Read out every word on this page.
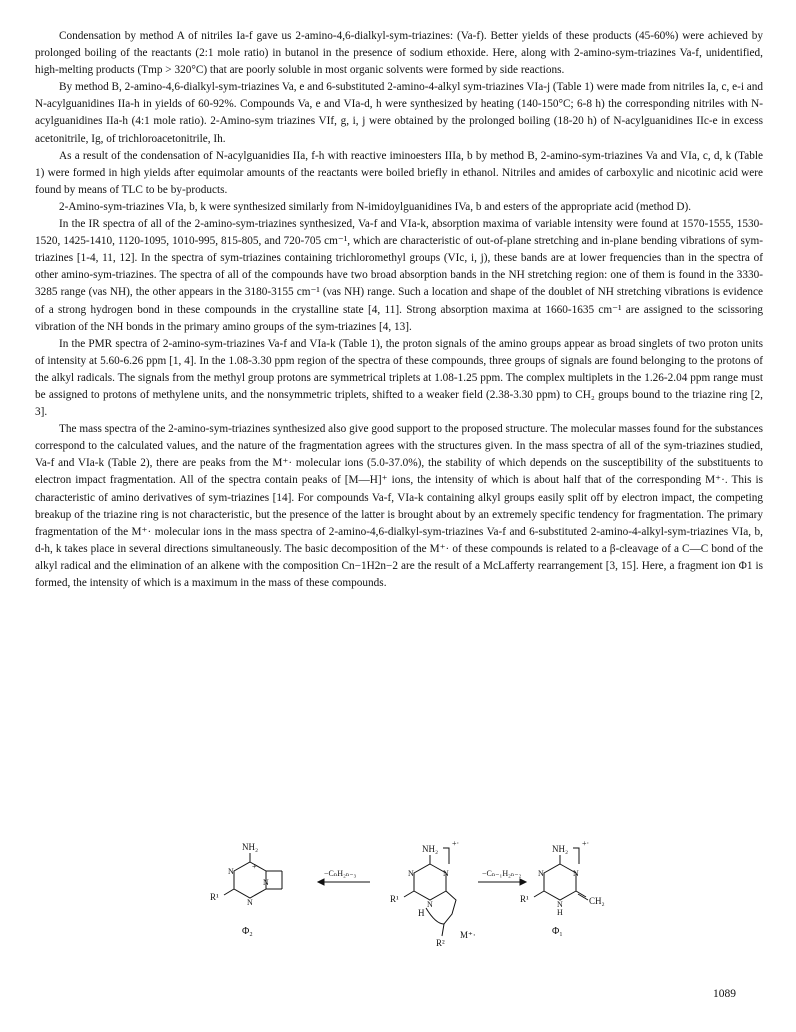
Condensation by method A of nitriles Ia-f gave us 2-amino-4,6-dialkyl-sym-triazines: (Va-f). Better yields of these products (45-60%) were achieved by prolonged boiling of the reactants (2:1 mole ratio) in butanol in the presence of sodium ethoxide. Here, along with 2-amino-sym-triazines Va-f, unidentified, high-melting products (Tmp > 320°C) that are poorly soluble in most organic solvents were formed by side reactions.

By method B, 2-amino-4,6-dialkyl-sym-triazines Va, e and 6-substituted 2-amino-4-alkyl sym-triazines VIa-j (Table 1) were made from nitriles Ia, c, e-i and N-acylguanidines IIa-h in yields of 60-92%. Compounds Va, e and VIa-d, h were synthesized by heating (140-150°C; 6-8 h) the corresponding nitriles with N-acylguanidines IIa-h (4:1 mole ratio). 2-Amino-sym triazines VIf, g, i, j were obtained by the prolonged boiling (18-20 h) of N-acylguanidines IIc-e in excess acetonitrile, Ig, of trichloroacetonitrile, Ih.

As a result of the condensation of N-acylguanidies IIa, f-h with reactive iminoesters IIIa, b by method B, 2-amino-sym-triazines Va and VIa, c, d, k (Table 1) were formed in high yields after equimolar amounts of the reactants were boiled briefly in ethanol. Nitriles and amides of carboxylic and nicotinic acid were found by means of TLC to be by-products.

2-Amino-sym-triazines VIa, b, k were synthesized similarly from N-imidoylguanidines IVa, b and esters of the appropriate acid (method D).

In the IR spectra of all of the 2-amino-sym-triazines synthesized, Va-f and VIa-k, absorption maxima of variable intensity were found at 1570-1555, 1530-1520, 1425-1410, 1120-1095, 1010-995, 815-805, and 720-705 cm⁻¹, which are characteristic of out-of-plane stretching and in-plane bending vibrations of sym-triazines [1-4, 11, 12]. In the spectra of sym-triazines containing trichloromethyl groups (VIc, i, j), these bands are at lower frequencies than in the spectra of other amino-sym-triazines. The spectra of all of the compounds have two broad absorption bands in the NH stretching region: one of them is found in the 3330-3285 range (νas NH), the other appears in the 3180-3155 cm⁻¹ (νas NH) range. Such a location and shape of the doublet of NH stretching vibrations is evidence of a strong hydrogen bond in these compounds in the crystalline state [4, 11]. Strong absorption maxima at 1660-1635 cm⁻¹ are assigned to the scissoring vibration of the NH bonds in the primary amino groups of the sym-triazines [4, 13].

In the PMR spectra of 2-amino-sym-triazines Va-f and VIa-k (Table 1), the proton signals of the amino groups appear as broad singlets of two proton units of intensity at 5.60-6.26 ppm [1, 4]. In the 1.08-3.30 ppm region of the spectra of these compounds, three groups of signals are found belonging to the protons of the alkyl radicals. The signals from the methyl group protons are symmetrical triplets at 1.08-1.25 ppm. The complex multiplets in the 1.26-2.04 ppm range must be assigned to protons of methylene units, and the nonsymmetric triplets, shifted to a weaker field (2.38-3.30 ppm) to CH₂ groups bound to the triazine ring [2, 3].

The mass spectra of the 2-amino-sym-triazines synthesized also give good support to the proposed structure. The molecular masses found for the substances correspond to the calculated values, and the nature of the fragmentation agrees with the structures given. In the mass spectra of all of the sym-triazines studied, Va-f and VIa-k (Table 2), there are peaks from the M⁺· molecular ions (5.0-37.0%), the stability of which depends on the susceptibility of the substituents to electron impact fragmentation. All of the spectra contain peaks of [M—H]⁺ ions, the intensity of which is about half that of the corresponding M⁺·. This is characteristic of amino derivatives of sym-triazines [14]. For compounds Va-f, VIa-k containing alkyl groups easily split off by electron impact, the competing breakup of the triazine ring is not characteristic, but the presence of the latter is brought about by an extremely specific tendency for fragmentation. The primary fragmentation of the M⁺· molecular ions in the mass spectra of 2-amino-4,6-dialkyl-sym-triazines Va-f and 6-substituted 2-amino-4-alkyl-sym-triazines VIa, b, d-h, k takes place in several directions simultaneously. The basic decomposition of the M⁺· of these compounds is related to a β-cleavage of a C—C bond of the alkyl radical and the elimination of an alkene with the composition Cn−1H2n−2 are the result of a McLafferty rearrangement [3, 15]. Here, a fragment ion Φ1 is formed, the intensity of which is a maximum in the mass of these compounds.

NH₂
+
N
N
N
R¹
Φ₂
−CₙH₂ₙ₋₃
NH₂
+·
N	N
N
R¹
H
R²
M⁺·
−Cₙ₋₁H₂ₙ₋₂
NH₂
+·
N	N
N
H
R¹	CH₂
Φ₁
1089
